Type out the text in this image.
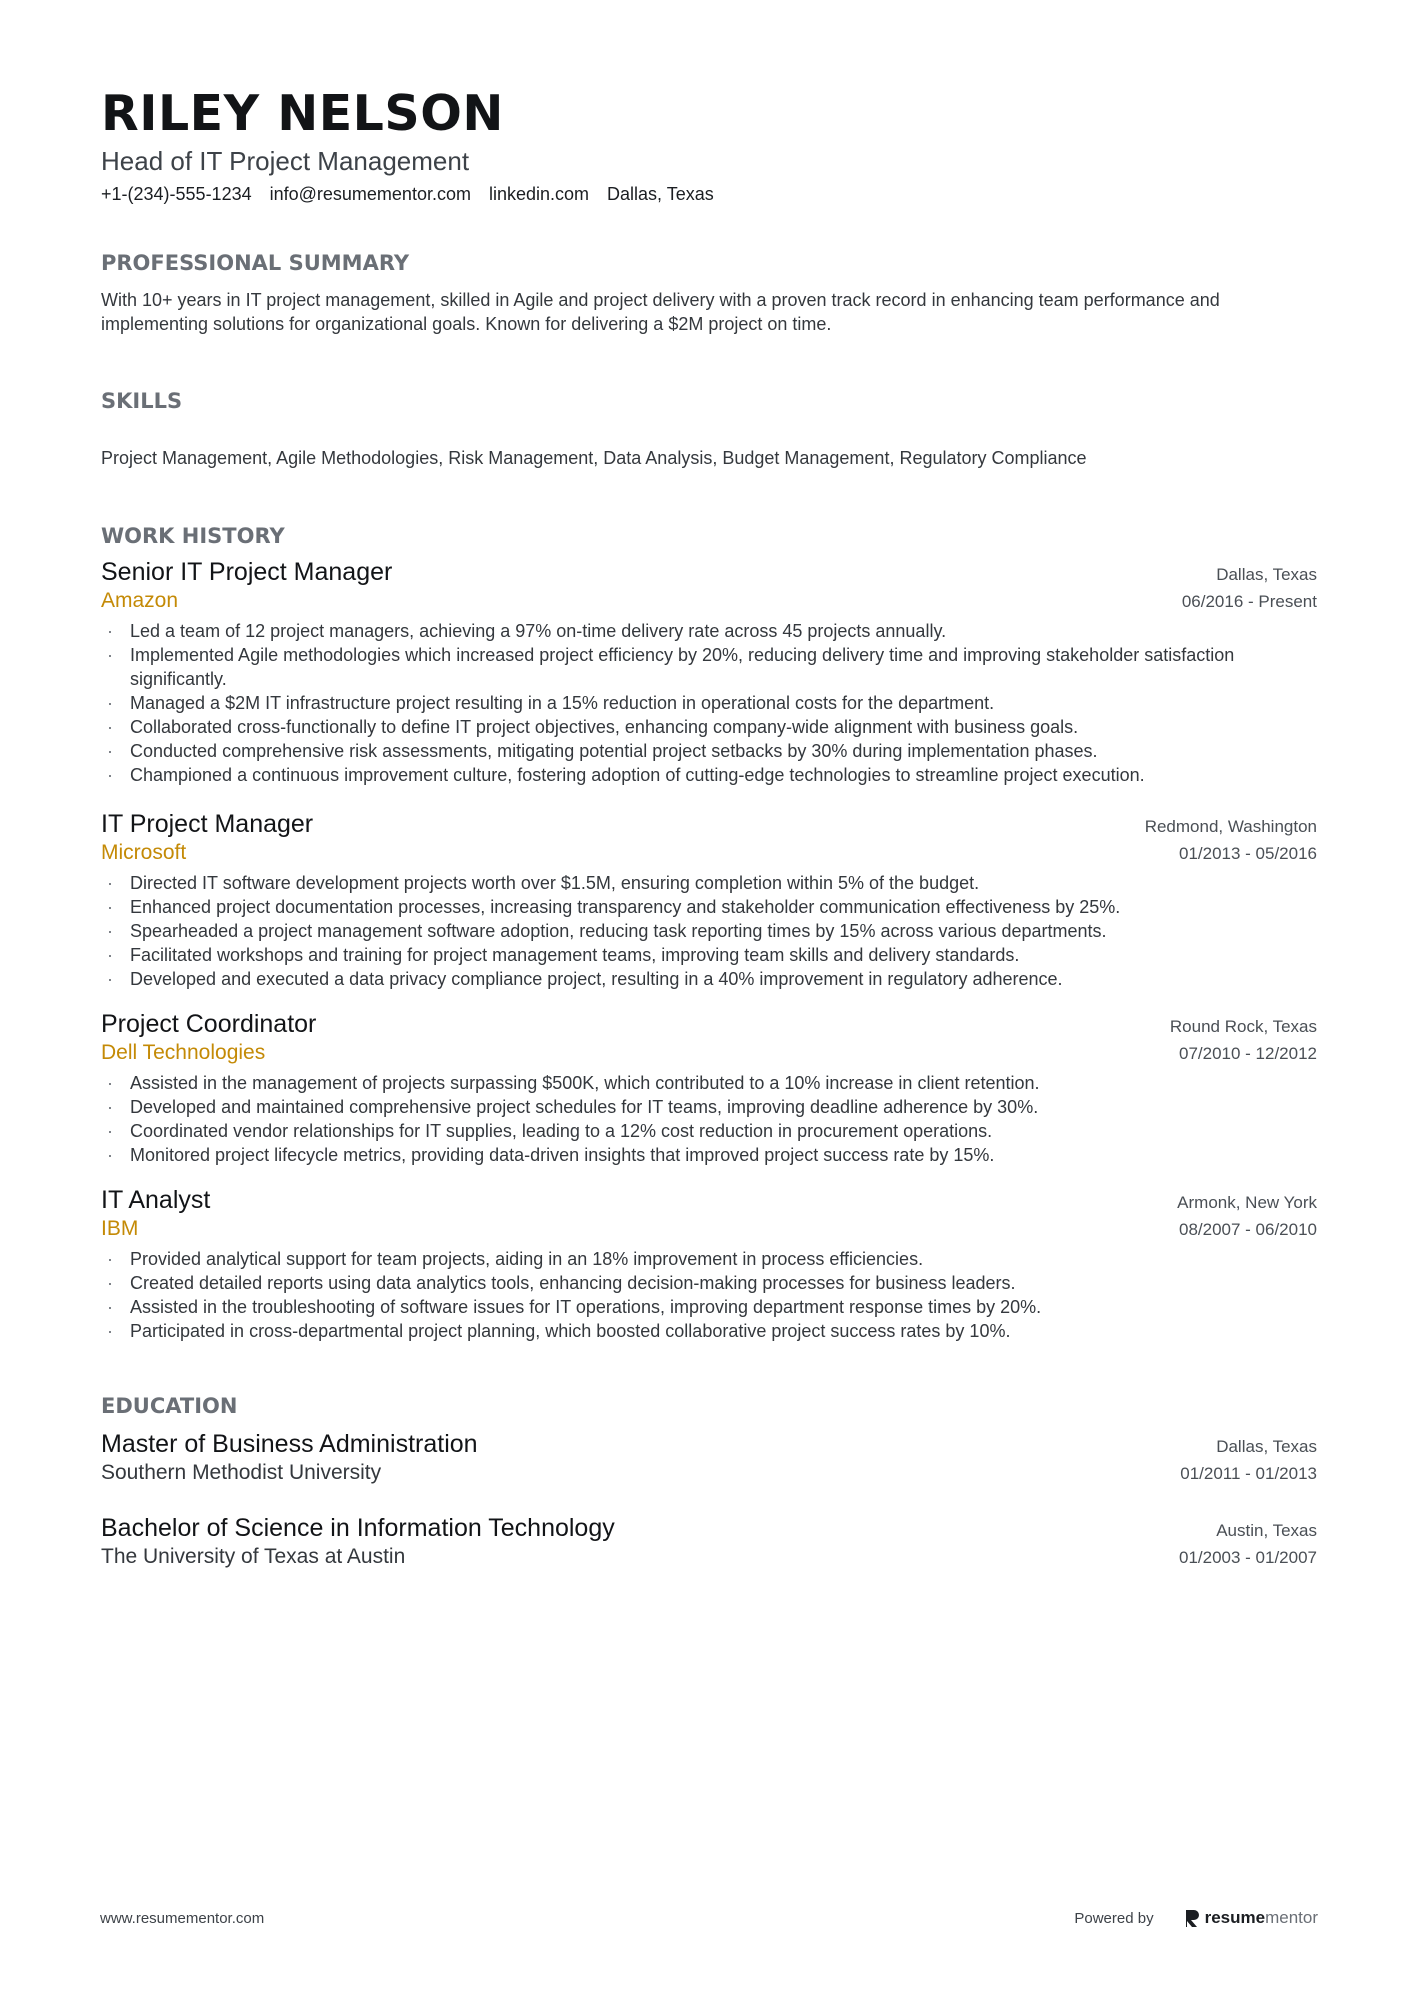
RILEY NELSON
Head of IT Project Management
+1-(234)-555-1234 info@resumementor.com linkedin.com Dallas, Texas
PROFESSIONAL SUMMARY
With 10+ years in IT project management, skilled in Agile and project delivery with a proven track record in enhancing team performance and implementing solutions for organizational goals. Known for delivering a $2M project on time.
SKILLS
Project Management, Agile Methodologies, Risk Management, Data Analysis, Budget Management, Regulatory Compliance
WORK HISTORY
Senior IT Project Manager	Dallas, Texas
Amazon	06/2016 - Present
· Led a team of 12 project managers, achieving a 97% on-time delivery rate across 45 projects annually.
· Implemented Agile methodologies which increased project efficiency by 20%, reducing delivery time and improving stakeholder satisfaction significantly.
· Managed a $2M IT infrastructure project resulting in a 15% reduction in operational costs for the department.
· Collaborated cross-functionally to define IT project objectives, enhancing company-wide alignment with business goals.
· Conducted comprehensive risk assessments, mitigating potential project setbacks by 30% during implementation phases.
· Championed a continuous improvement culture, fostering adoption of cutting-edge technologies to streamline project execution.
IT Project Manager	Redmond, Washington
Microsoft	01/2013 - 05/2016
· Directed IT software development projects worth over $1.5M, ensuring completion within 5% of the budget.
· Enhanced project documentation processes, increasing transparency and stakeholder communication effectiveness by 25%.
· Spearheaded a project management software adoption, reducing task reporting times by 15% across various departments.
· Facilitated workshops and training for project management teams, improving team skills and delivery standards.
· Developed and executed a data privacy compliance project, resulting in a 40% improvement in regulatory adherence.
Project Coordinator	Round Rock, Texas
Dell Technologies	07/2010 - 12/2012
· Assisted in the management of projects surpassing $500K, which contributed to a 10% increase in client retention.
· Developed and maintained comprehensive project schedules for IT teams, improving deadline adherence by 30%.
· Coordinated vendor relationships for IT supplies, leading to a 12% cost reduction in procurement operations.
· Monitored project lifecycle metrics, providing data-driven insights that improved project success rate by 15%.
IT Analyst	Armonk, New York
IBM	08/2007 - 06/2010
· Provided analytical support for team projects, aiding in an 18% improvement in process efficiencies.
· Created detailed reports using data analytics tools, enhancing decision-making processes for business leaders.
· Assisted in the troubleshooting of software issues for IT operations, improving department response times by 20%.
· Participated in cross-departmental project planning, which boosted collaborative project success rates by 10%.
EDUCATION
Master of Business Administration	Dallas, Texas
Southern Methodist University	01/2011 - 01/2013
Bachelor of Science in Information Technology	Austin, Texas
The University of Texas at Austin	01/2003 - 01/2007
www.resumementor.com	Powered by	resumementor
